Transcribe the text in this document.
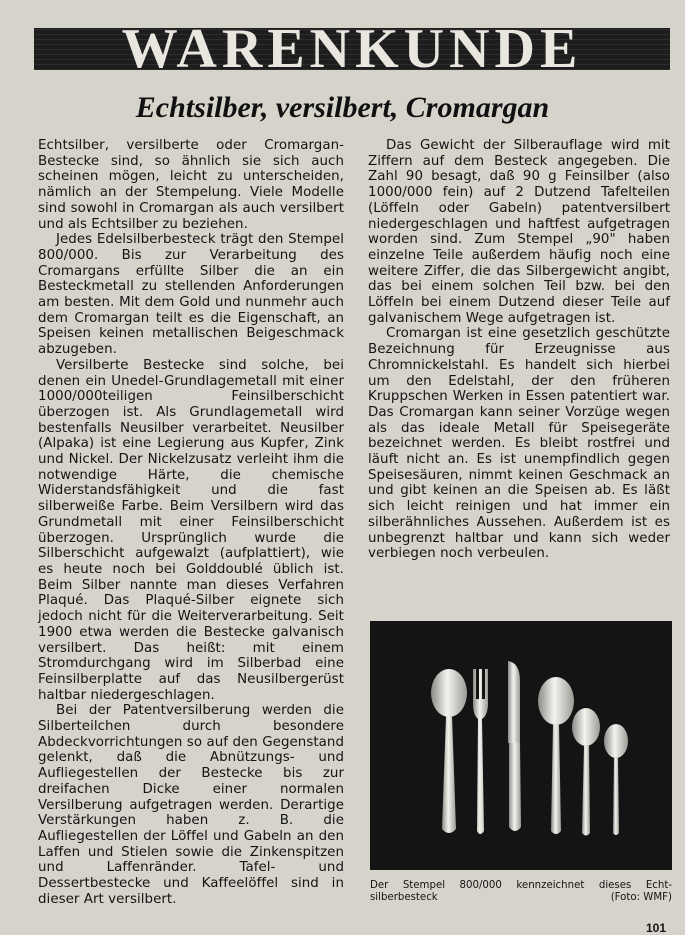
WARENKUNDE
Echtsilber, versilbert, Cromargan

Echtsilber, versilberte oder Cromargan-Bestecke sind, so ähnlich sie sich auch scheinen mögen, leicht zu unterscheiden, nämlich an der Stempelung. Viele Modelle sind sowohl in Cromargan als auch versilbert und als Echtsilber zu beziehen.

Jedes Edelsilberbesteck trägt den Stempel 800/000. Bis zur Verarbeitung des Cromargans erfüllte Silber die an ein Besteckmetall zu stellenden Anforderungen am besten. Mit dem Gold und nunmehr auch dem Cromargan teilt es die Eigenschaft, an Speisen keinen metallischen Beigeschmack abzugeben.

Versilberte Bestecke sind solche, bei denen ein Unedel-Grundlagemetall mit einer 1000/000teiligen Feinsilberschicht überzogen ist. Als Grundlagemetall wird bestenfalls Neusilber verarbeitet. Neusilber (Alpaka) ist eine Legierung aus Kupfer, Zink und Nickel. Der Nickelzusatz verleiht ihm die notwendige Härte, die chemische Widerstandsfähigkeit und die fast silberweiße Farbe. Beim Versilbern wird das Grundmetall mit einer Feinsilberschicht überzogen. Ursprünglich wurde die Silberschicht aufgewalzt (aufplattiert), wie es heute noch bei Golddoublé üblich ist. Beim Silber nannte man dieses Verfahren Plaqué. Das Plaqué-Silber eignete sich jedoch nicht für die Weiterverarbeitung. Seit 1900 etwa werden die Bestecke galvanisch versilbert. Das heißt: mit einem Stromdurchgang wird im Silberbad eine Feinsilberplatte auf das Neusilbergerüst haltbar niedergeschlagen.

Bei der Patentversilberung werden die Silberteilchen durch besondere Abdeckvorrichtungen so auf den Gegenstand gelenkt, daß die Abnützungs- und Aufliegestellen der Bestecke bis zur dreifachen Dicke einer normalen Versilberung aufgetragen werden. Derartige Verstärkungen haben z. B. die Aufliegestellen der Löffel und Gabeln an den Laffen und Stielen sowie die Zinkenspitzen und Laffenränder. Tafel- und Dessertbestecke und Kaffeelöffel sind in dieser Art versilbert.

Das Gewicht der Silberauflage wird mit Ziffern auf dem Besteck angegeben. Die Zahl 90 besagt, daß 90 g Feinsilber (also 1000/000 fein) auf 2 Dutzend Tafelteilen (Löffeln oder Gabeln) patentversilbert niedergeschlagen und haftfest aufgetragen worden sind. Zum Stempel „90" haben einzelne Teile außerdem häufig noch eine weitere Ziffer, die das Silbergewicht angibt, das bei einem solchen Teil bzw. bei den Löffeln bei einem Dutzend dieser Teile auf galvanischem Wege aufgetragen ist.

Cromargan ist eine gesetzlich geschützte Bezeichnung für Erzeugnisse aus Chromnickelstahl. Es handelt sich hierbei um den Edelstahl, der den früheren Kruppschen Werken in Essen patentiert war. Das Cromargan kann seiner Vorzüge wegen als das ideale Metall für Speisegeräte bezeichnet werden. Es bleibt rostfrei und läuft nicht an. Es ist unempfindlich gegen Speisesäuren, nimmt keinen Geschmack an und gibt keinen an die Speisen ab. Es läßt sich leicht reinigen und hat immer ein silberähnliches Aussehen. Außerdem ist es unbegrenzt haltbar und kann sich weder verbiegen noch verbeulen.

Der Stempel 800/000 kennzeichnet dieses Echt-
silberbesteck	(Foto: WMF)
101
